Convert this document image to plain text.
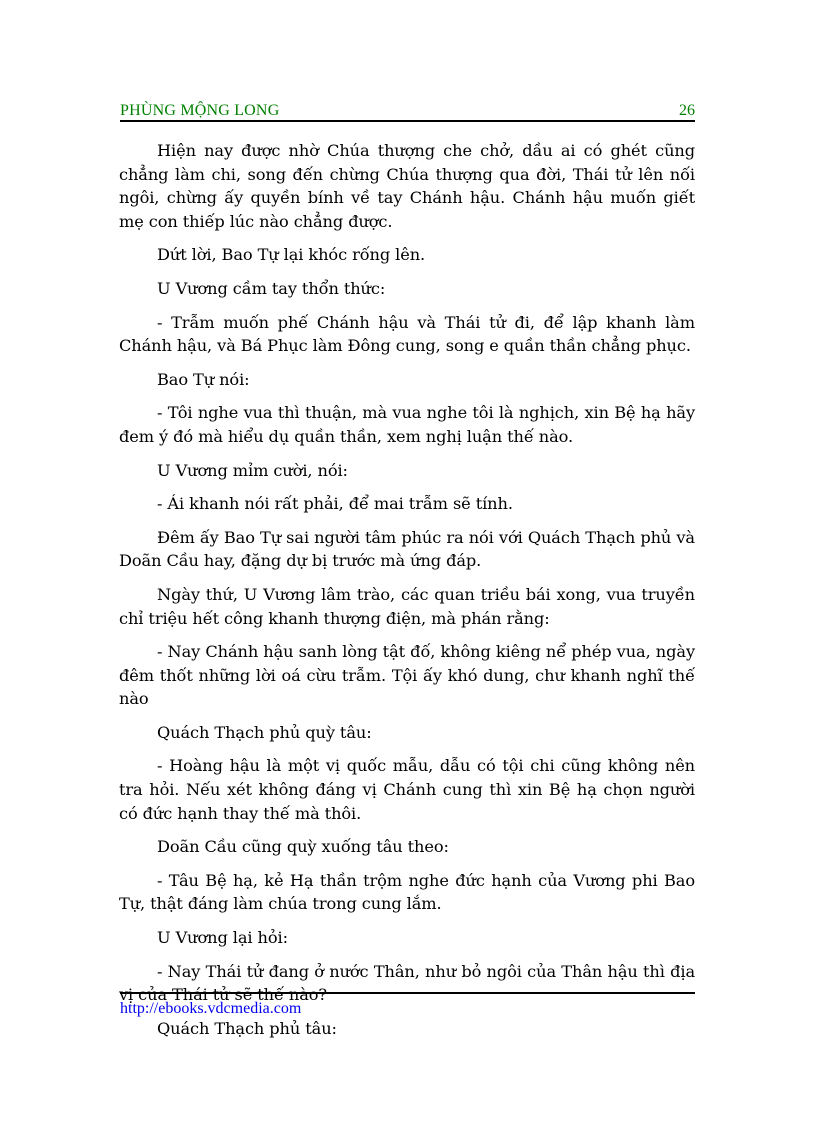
PHÙNG MỘNG LONG	26

Hiện nay được nhờ Chúa thượng che chở, dầu ai có ghét cũng chẳng làm chi, song đến chừng Chúa thượng qua đời, Thái tử lên nối ngôi, chừng ấy quyền bính về tay Chánh hậu. Chánh hậu muốn giết mẹ con thiếp lúc nào chẳng được.

Dứt lời, Bao Tự lại khóc rống lên.

U Vương cầm tay thổn thức:

- Trẫm muốn phế Chánh hậu và Thái tử đi, để lập khanh làm Chánh hậu, và Bá Phục làm Đông cung, song e quần thần chẳng phục.

Bao Tự nói:

- Tôi nghe vua thì thuận, mà vua nghe tôi là nghịch, xin Bệ hạ hãy đem ý đó mà hiểu dụ quần thần, xem nghị luận thế nào.

U Vương mỉm cười, nói:

- Ái khanh nói rất phải, để mai trẫm sẽ tính.

Đêm ấy Bao Tự sai người tâm phúc ra nói với Quách Thạch phủ và Doãn Cầu hay, đặng dự bị trước mà ứng đáp.

Ngày thứ, U Vương lâm trào, các quan triều bái xong, vua truyền chỉ triệu hết công khanh thượng điện, mà phán rằng:

- Nay Chánh hậu sanh lòng tật đố, không kiêng nể phép vua, ngày đêm thốt những lời oá cừu trẫm. Tội ấy khó dung, chư khanh nghĩ thế nào

Quách Thạch phủ quỳ tâu:

- Hoàng hậu là một vị quốc mẫu, dẫu có tội chi cũng không nên tra hỏi. Nếu xét không đáng vị Chánh cung thì xin Bệ hạ chọn người có đức hạnh thay thế mà thôi.

Doãn Cầu cũng quỳ xuống tâu theo:

- Tâu Bệ hạ, kẻ Hạ thần trộm nghe đức hạnh của Vương phi Bao Tự, thật đáng làm chúa trong cung lắm.

U Vương lại hỏi:

- Nay Thái tử đang ở nước Thân, như bỏ ngôi của Thân hậu thì địa vị của Thái tử sẽ thế nào?

Quách Thạch phủ tâu:

http://ebooks.vdcmedia.com
